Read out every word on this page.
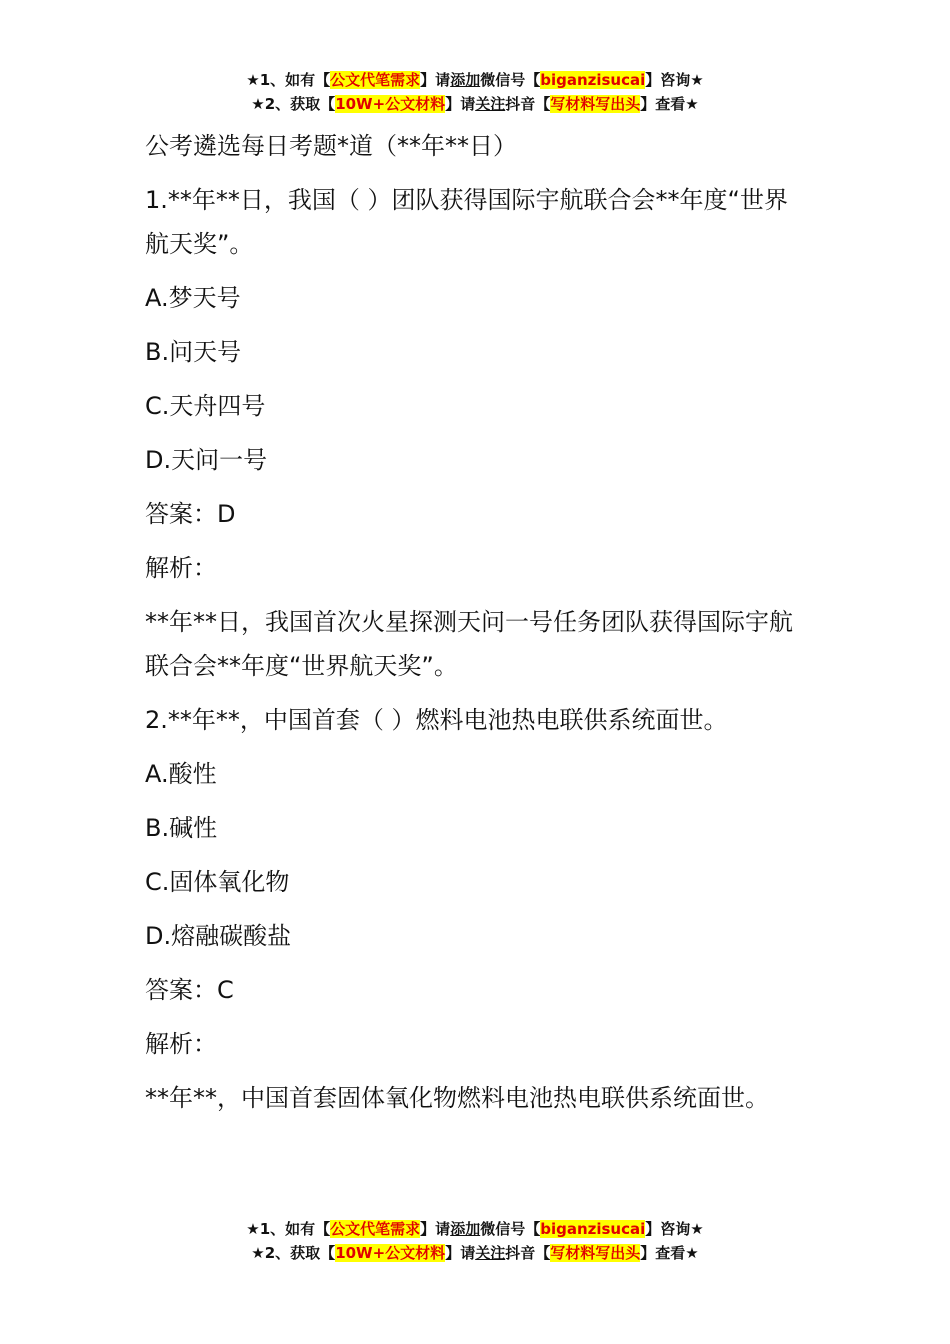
★1、如有【公文代笔需求】请添加微信号【biganzisucai】咨询★
★2、获取【10W+公文材料】请关注抖音【写材料写出头】查看★

公考遴选每日考题*道（**年**日）

1.**年**日，我国（ ）团队获得国际宇航联合会**年度“世界航天奖”。

A.梦天号

B.问天号

C.天舟四号

D.天问一号

答案：D

解析：

**年**日，我国首次火星探测天问一号任务团队获得国际宇航联合会**年度“世界航天奖”。

2.**年**，中国首套（ ）燃料电池热电联供系统面世。

A.酸性

B.碱性

C.固体氧化物

D.熔融碳酸盐

答案：C

解析：

**年**，中国首套固体氧化物燃料电池热电联供系统面世。

★1、如有【公文代笔需求】请添加微信号【biganzisucai】咨询★
★2、获取【10W+公文材料】请关注抖音【写材料写出头】查看★
